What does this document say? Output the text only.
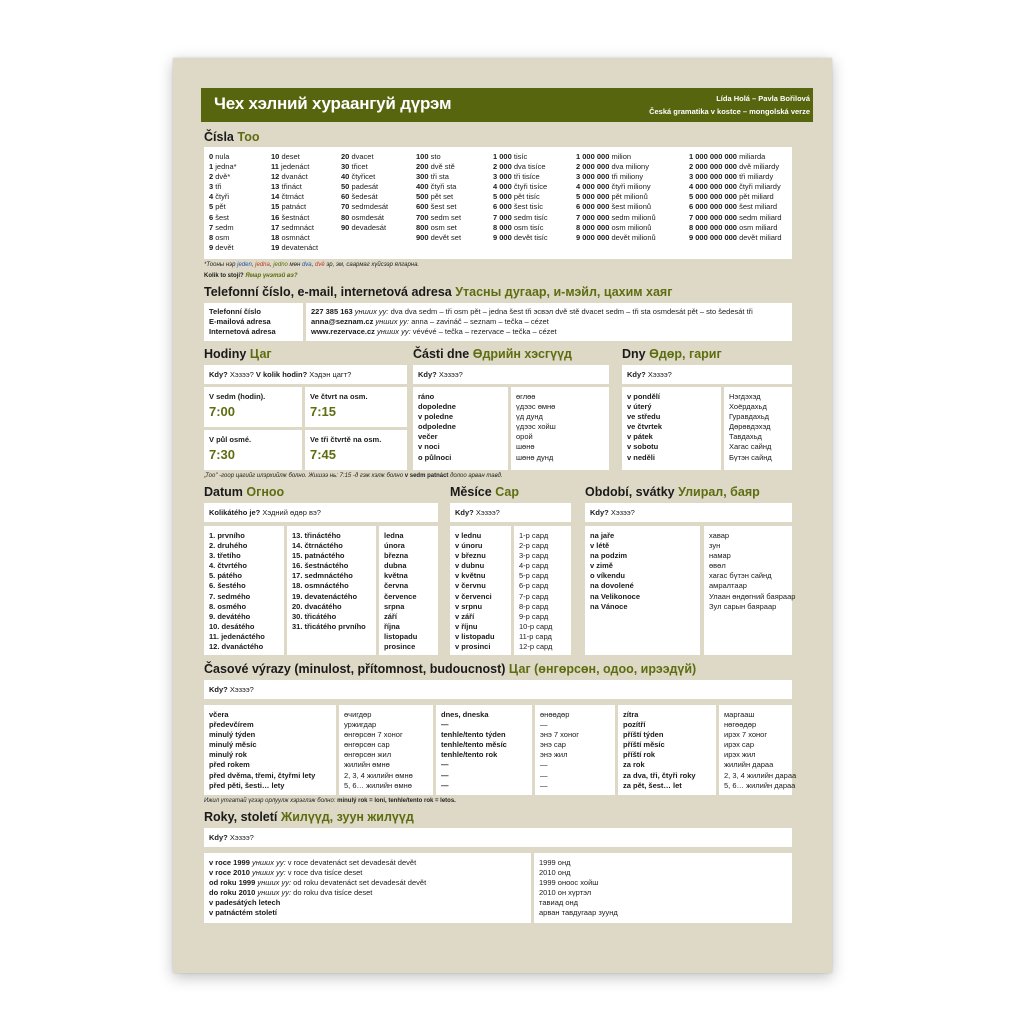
Чех хэлний хураангуй дүрэм	Lída Holá – Pavla Bořilová
Česká gramatika v kostce – mongolská verze
Čísla Тоо
0 nula
1 jedna*
2 dvě*
3 tři
4 čtyři
5 pět
6 šest
7 sedm
8 osm
9 devět
10 deset
11 jedenáct
12 dvanáct
13 třináct
14 čtrnáct
15 patnáct
16 šestnáct
17 sedmnáct
18 osmnáct
19 devatenáct
20 dvacet
30 třicet
40 čtyřicet
50 padesát
60 šedesát
70 sedmdesát
80 osmdesát
90 devadesát
100 sto
200 dvě stě
300 tři sta
400 čtyři sta
500 pět set
600 šest set
700 sedm set
800 osm set
900 devět set
1 000 tisíc
2 000 dva tisíce
3 000 tři tisíce
4 000 čtyři tisíce
5 000 pět tisíc
6 000 šest tisíc
7 000 sedm tisíc
8 000 osm tisíc
9 000 devět tisíc
1 000 000 milion
2 000 000 dva miliony
3 000 000 tři miliony
4 000 000 čtyři miliony
5 000 000 pět milionů
6 000 000 šest milionů
7 000 000 sedm milionů
8 000 000 osm milionů
9 000 000 devět milionů
1 000 000 000 miliarda
2 000 000 000 dvě miliardy
3 000 000 000 tři miliardy
4 000 000 000 čtyři miliardy
5 000 000 000 pět miliard
6 000 000 000 šest miliard
7 000 000 000 sedm miliard
8 000 000 000 osm miliard
9 000 000 000 devět miliard
*Тооны нэр jeden, jedna, jedno мөн dva, dvě эр, эм, саармаг хүйсээр ялгарна.
Kolik to stojí? Ямар үнэтэй вэ?
Telefonní číslo, e-mail, internetová adresa Утасны дугаар, и-мэйл, цахим хаяг
Telefonní číslo
E-mailová adresa
Internetová adresa
227 385 163 унших уу: dva dva sedm – tři osm pět – jedna šest tři эсвэл dvě stě dvacet sedm – tři sta osmdesát pět – sto šedesát tři
anna@seznam.cz унших уу: anna – zavináč – seznam – tečka – cézet
www.rezervace.cz унших уу: vévévé – tečka – rezervace – tečka – cézet
Hodiny Цаг
Kdy? Хэзээ? V kolik hodin? Хэдэн цагт?
V sedm (hodin).
7:00
Ve čtvrt na osm.
7:15
V půl osmé.
7:30
Ve tři čtvrtě na osm.
7:45
Části dne Өдрийн хэсгүүд
Kdy? Хэзээ?
ráno
dopoledne
v poledne
odpoledne
večer
v noci
o půlnoci
өглөө
үдээс өмнө
үд дунд
үдээс хойш
орой
шөнө
шөнө дунд
Dny Өдөр, гариг
Kdy? Хэзээ?
v pondělí
v úterý
ve středu
ve čtvrtek
v pátek
v sobotu
v neděli
Нэгдэхэд
Хоёрдахьд
Гуравдахьд
Дөрөвдэхэд
Тавдахьд
Хагас сайнд
Бүтэн сайнд
„Тоо" -гоор цагийг илэрхийлж болно. Жишээ нь: 7:15 -д гэж хэлж болно v sedm patnáct долоо арван тавд.
Datum Огноо
Kolikátého je? Хэдний өдөр вэ?
1. prvního
2. druhého
3. třetího
4. čtvrtého
5. pátého
6. šestého
7. sedmého
8. osmého
9. devátého
10. desátého
11. jedenáctého
12. dvanáctého
13. třináctého
14. čtrnáctého
15. patnáctého
16. šestnáctého
17. sedmnáctého
18. osmnáctého
19. devatenáctého
20. dvacátého
30. třicátého
31. třicátého prvního
ledna
února
března
dubna
května
června
července
srpna
září
října
listopadu
prosince
Měsíce Сар
Kdy? Хэзээ?
v lednu
v únoru
v březnu
v dubnu
v květnu
v červnu
v červenci
v srpnu
v září
v říjnu
v listopadu
v prosinci
1-р сард
2-р сард
3-р сард
4-р сард
5-р сард
6-р сард
7-р сард
8-р сард
9-р сард
10-р сард
11-р сард
12-р сард
Období, svátky Улирал, баяр
Kdy? Хэзээ?
na jaře
v létě
na podzim
v zimě
o víkendu
na dovolené
na Velikonoce
na Vánoce
хавар
зун
намар
өвөл
хагас бүтэн сайнд
амралтаар
Улаан өндөгний баяраар
Зул сарын баяраар
Časové výrazy (minulost, přítomnost, budoucnost) Цаг (өнгөрсөн, одоо, ирээдүй)
Kdy? Хэзээ?
včera
předevčírem
minulý týden
minulý měsíc
minulý rok
před rokem
před dvěma, třemi, čtyřmi lety
před pěti, šesti… lety
өчигдөр
уржигдар
өнгөрсөн 7 хоног
өнгөрсөн сар
өнгөрсөн жил
жилийн өмнө
2, 3, 4 жилийн өмнө
5, 6… жилийн өмнө
dnes, dneska
—
tenhle/tento týden
tenhle/tento měsíc
tenhle/tento rok
—
—
—
өнөөдөр
—
энэ 7 хоног
энэ сар
энэ жил
—
—
—
zítra
pozítří
příští týden
příští měsíc
příští rok
za rok
za dva, tři, čtyři roky
za pět, šest… let
маргааш
нөгөөдөр
ирэх 7 хоног
ирэх сар
ирэх жил
жилийн дараа
2, 3, 4 жилийн дараа
5, 6… жилийн дараа
Ижил утгатай үгээр орлуулж хэрэглэж болно: minulý rok = loni, tenhle/tento rok = letos.
Roky, století Жилүүд, зуун жилүүд
Kdy? Хэзээ?
v roce 1999 унших уу: v roce devatenáct set devadesát devět
v roce 2010 унших уу: v roce dva tisíce deset
od roku 1999 унших уу: od roku devatenáct set devadesát devět
do roku 2010 унших уу: do roku dva tisíce deset
v padesátých letech
v patnáctém století
1999 онд
2010 онд
1999 оноос хойш
2010 он хүртэл
тавиад онд
арван тавдугаар зуунд
